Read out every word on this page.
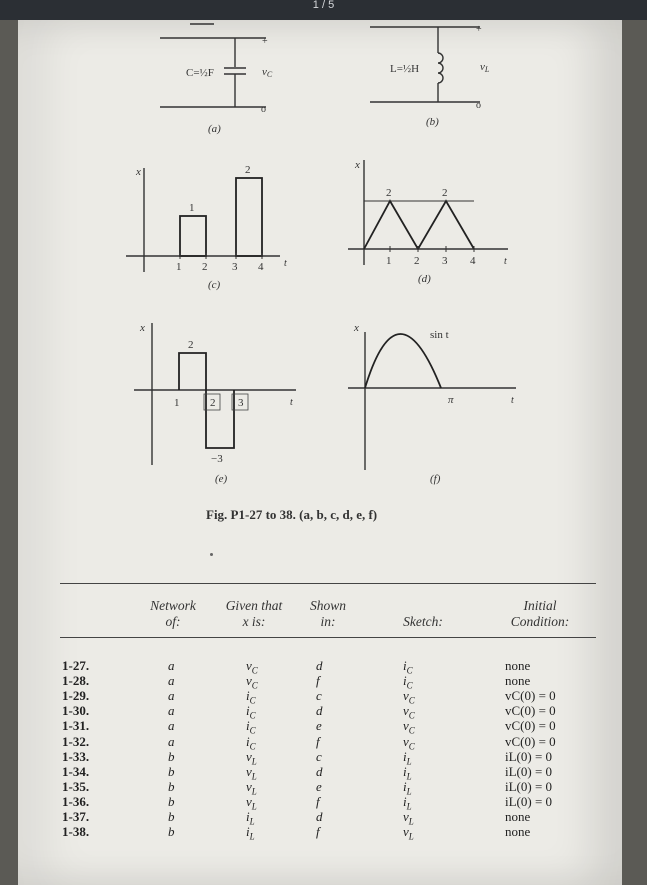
1 / 5
C=½F	vC
+
o
(a)
L=½H	vL
+
o
(b)
x
1
2
1 2 3 4 t
(c)
x
2	2
1 2 3 4	t
(d)
x
2
1	2 3
−3
t
(e)
x
sin t
π	t
(f)
Fig. P1-27 to 38. (a, b, c, d, e, f)
Network
of:
Given that
x is:
Shown
in:	Sketch:
Initial
Condition:
1-27.	a	$v_C$	d	$i_C$	none
1-28.	a	$v_C$	f	$i_C$	none
1-29.	a	$i_C$	c	$v_C$	vC(0) = 0
1-30.	a	$i_C$	d	$v_C$	vC(0) = 0
1-31.	a	$i_C$	e	$v_C$	vC(0) = 0
1-32.	a	$i_C$	f	$v_C$	vC(0) = 0
1-33.	b	$v_L$	c	$i_L$	iL(0) = 0
1-34.	b	$v_L$	d	$i_L$	iL(0) = 0
1-35.	b	$v_L$	e	$i_L$	iL(0) = 0
1-36.	b	$v_L$	f	$i_L$	iL(0) = 0
1-37.	b	$i_L$	d	$v_L$	none
1-38.	b	$i_L$	f	$v_L$	none
